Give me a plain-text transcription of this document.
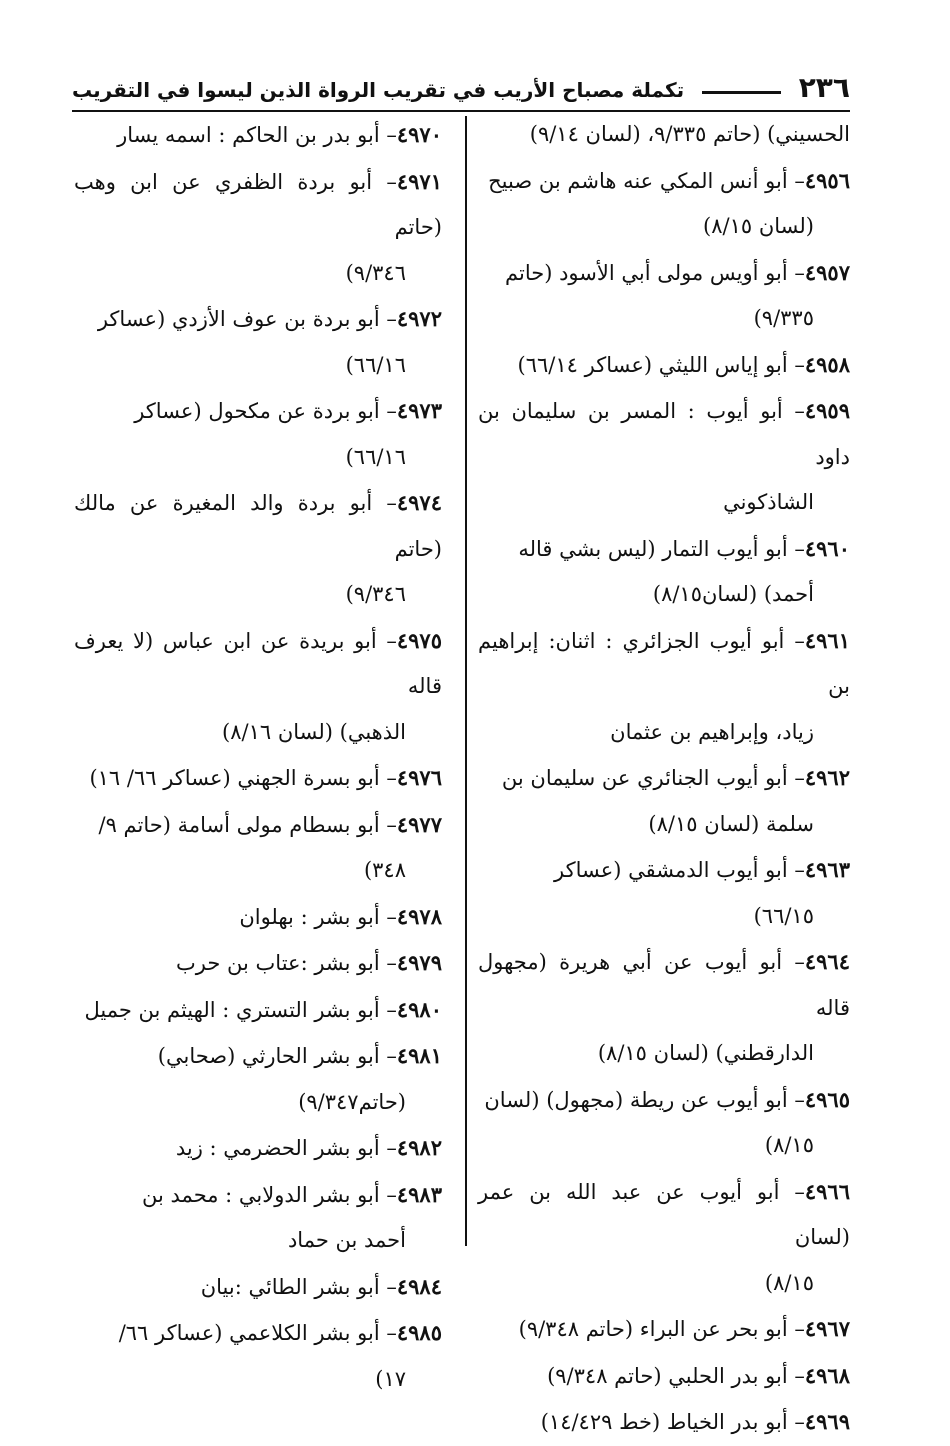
٢٣٦
تكملة مصباح الأريب في تقريب الرواة الذين ليسوا في التقريب
الحسيني) (حاتم ٩/٣٣٥، (لسان ٩/١٤)
٤٩٥٦– أبو أنس المكي عنه هاشم بن صبيح
(لسان ٨/١٥)
٤٩٥٧– أبو أويس مولى أبي الأسود (حاتم
٩/٣٣٥)
٤٩٥٨– أبو إياس الليثي (عساكر ٦٦/١٤)
٤٩٥٩– أبو أيوب : المسر بن سليمان بن داود
الشاذكوني
٤٩٦٠– أبو أيوب التمار (ليس بشي قاله
أحمد) (لسان٨/١٥)
٤٩٦١– أبو أيوب الجزائري : اثنان: إبراهيم بن
زياد، وإبراهيم بن عثمان
٤٩٦٢– أبو أيوب الجنائري عن سليمان بن
سلمة (لسان ٨/١٥)
٤٩٦٣– أبو أيوب الدمشقي (عساكر
٦٦/١٥)
٤٩٦٤– أبو أيوب عن أبي هريرة (مجهول قاله
الدارقطني) (لسان ٨/١٥)
٤٩٦٥– أبو أيوب عن ريطة (مجهول) (لسان
٨/١٥)
٤٩٦٦– أبو أيوب عن عبد الله بن عمر (لسان
٨/١٥)
٤٩٦٧– أبو بحر عن البراء (حاتم ٩/٣٤٨)
٤٩٦٨– أبو بدر الحلبي (حاتم ٩/٣٤٨)
٤٩٦٩– أبو بدر الخياط (خط ١٤/٤٢٩)
٤٩٧٠– أبو بدر بن الحاكم : اسمه يسار
٤٩٧١– أبو بردة الظفري عن ابن وهب (حاتم
٩/٣٤٦)
٤٩٧٢– أبو بردة بن عوف الأزدي (عساكر
٦٦/١٦)
٤٩٧٣– أبو بردة عن مكحول (عساكر
٦٦/١٦)
٤٩٧٤– أبو بردة والد المغيرة عن مالك (حاتم
٩/٣٤٦)
٤٩٧٥– أبو بريدة عن ابن عباس (لا يعرف قاله
الذهبي) (لسان ٨/١٦)
٤٩٧٦– أبو بسرة الجهني (عساكر ٦٦/ ١٦)
٤٩٧٧– أبو بسطام مولى أسامة (حاتم ٩/
٣٤٨)
٤٩٧٨– أبو بشر : بهلوان
٤٩٧٩– أبو بشر :عتاب بن حرب
٤٩٨٠– أبو بشر التستري : الهيثم بن جميل
٤٩٨١– أبو بشر الحارثي (صحابي)
(حاتم٩/٣٤٧)
٤٩٨٢– أبو بشر الحضرمي : زيد
٤٩٨٣– أبو بشر الدولابي : محمد بن
أحمد بن حماد
٤٩٨٤– أبو بشر الطائي :بيان
٤٩٨٥– أبو بشر الكلاعمي (عساكر ٦٦/
١٧)
